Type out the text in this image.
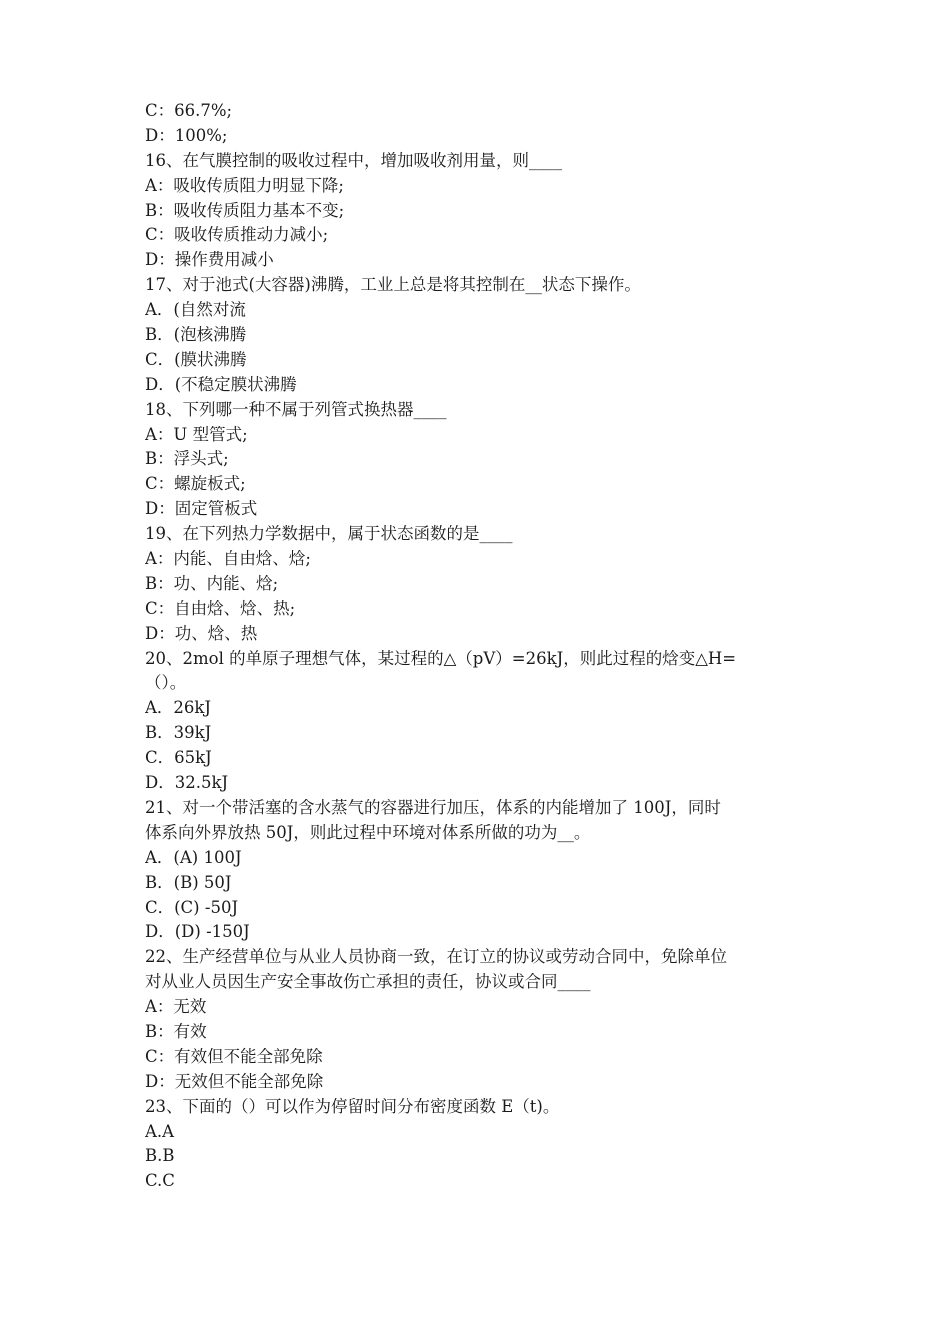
C：66.7%;
D：100%;
16、在气膜控制的吸收过程中，增加吸收剂用量，则____
A：吸收传质阻力明显下降;
B：吸收传质阻力基本不变;
C：吸收传质推动力减小;
D：操作费用减小
17、对于池式(大容器)沸腾，工业上总是将其控制在__状态下操作。
A．(自然对流
B．(泡核沸腾
C．(膜状沸腾
D．(不稳定膜状沸腾
18、下列哪一种不属于列管式换热器____
A：U 型管式;
B：浮头式;
C：螺旋板式;
D：固定管板式
19、在下列热力学数据中，属于状态函数的是____
A：内能、自由焓、焓;
B：功、内能、焓;
C：自由焓、焓、热;
D：功、焓、热
20、2mol 的单原子理想气体，某过程的△（pV）=26kJ，则此过程的焓变△H=
（）。
A．26kJ
B．39kJ
C．65kJ
D．32.5kJ
21、对一个带活塞的含水蒸气的容器进行加压，体系的内能增加了 100J，同时
体系向外界放热 50J，则此过程中环境对体系所做的功为__。
A．(A) 100J
B．(B) 50J
C．(C) -50J
D．(D) -150J
22、生产经营单位与从业人员协商一致，在订立的协议或劳动合同中，免除单位
对从业人员因生产安全事故伤亡承担的责任，协议或合同____
A：无效
B：有效
C：有效但不能全部免除
D：无效但不能全部免除
23、下面的（）可以作为停留时间分布密度函数 E（t)。
A.A
B.B
C.C
